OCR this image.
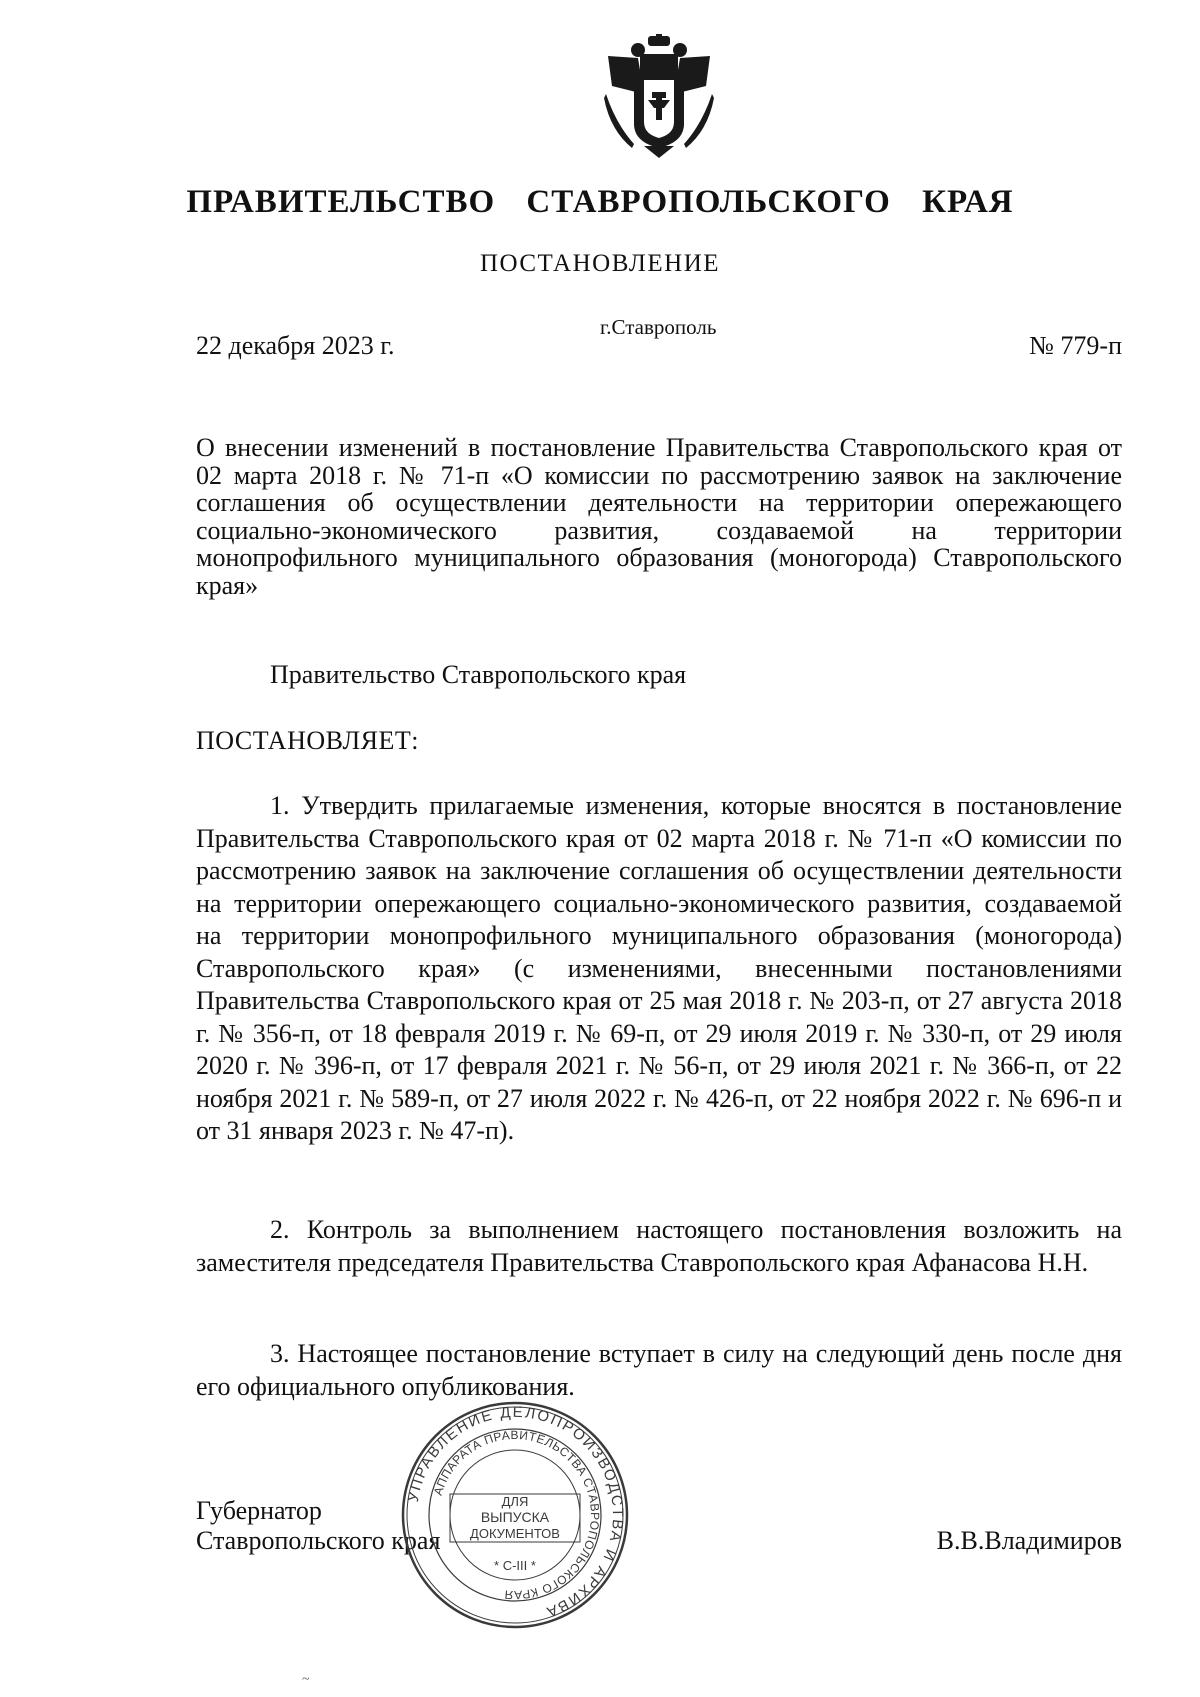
ПРАВИТЕЛЬСТВО СТАВРОПОЛЬСКОГО КРАЯ
ПОСТАНОВЛЕНИЕ
22 декабря 2023 г.
г.Ставрополь
№ 779-п
О внесении изменений в постановление Правительства Ставропольского края от 02 марта 2018 г. № 71-п «О комиссии по рассмотрению заявок на заключение соглашения об осуществлении деятельности на территории опережающего социально-экономического развития, создаваемой на территории монопрофильного муниципального образования (моногорода) Ставропольского края»
Правительство Ставропольского края
ПОСТАНОВЛЯЕТ:
1. Утвердить прилагаемые изменения, которые вносятся в постановление Правительства Ставропольского края от 02 марта 2018 г. № 71-п «О комиссии по рассмотрению заявок на заключение соглашения об осуществлении деятельности на территории опережающего социально-экономического развития, создаваемой на территории монопрофильного муниципального образования (моногорода) Ставропольского края» (с изменениями, внесенными постановлениями Правительства Ставропольского края от 25 мая 2018 г. № 203-п, от 27 августа 2018 г. № 356-п, от 18 февраля 2019 г. № 69-п, от 29 июля 2019 г. № 330-п, от 29 июля 2020 г. № 396-п, от 17 февраля 2021 г. № 56-п, от 29 июля 2021 г. № 366-п, от 22 ноября 2021 г. № 589-п, от 27 июля 2022 г. № 426-п, от 22 ноября 2022 г. № 696-п и от 31 января 2023 г. № 47-п).
2. Контроль за выполнением настоящего постановления возложить на заместителя председателя Правительства Ставропольского края Афанасова Н.Н.
3. Настоящее постановление вступает в силу на следующий день после дня его официального опубликования.
Губернатор
Ставропольского края	В.В.Владимиров
УПРАВЛЕНИЕ ДЕЛОПРОИЗВОДСТВА И АРХИВА
АППАРАТА ПРАВИТЕЛЬСТВА СТАВРОПОЛЬСКОГО КРАЯ
ДЛЯ
ВЫПУСКА
ДОКУМЕНТОВ
* С-III *
~
